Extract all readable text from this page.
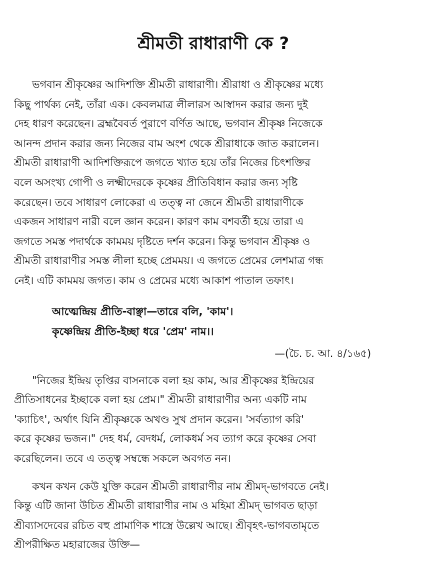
শ্রীমতী রাধারাণী কে ?

ভগবান শ্রীকৃষ্ণের আদিশক্তি শ্রীমতী রাধারাণী। শ্রীরাধা ও শ্রীকৃষ্ণের মধ্যে
কিছু পার্থক্য নেই, তাঁরা এক। কেবলমাত্র লীলারস আস্বাদন করার জন্য দুই
দেহ ধারণ করেছেন। ব্রহ্মবৈবর্ত পুরাণে বর্ণিত আছে, ভগবান শ্রীকৃষ্ণ নিজেকে
আনন্দ প্রদান করার জন্য নিজের বাম অংশ থেকে শ্রীরাধাকে জাত করালেন।
শ্রীমতী রাধারাণী আদিশক্তিরূপে জগতে খ্যাত হয়ে তাঁর নিজের চিৎশক্তির
বলে অসংখ্য গোপী ও লক্ষ্মীদেরকে কৃষ্ণের প্রীতিবিধান করার জন্য সৃষ্টি
করেছেন। তবে সাধারণ লোকেরা এ তত্ত্ব না জেনে শ্রীমতী রাধারাণীকে
একজন সাধারণ নারী বলে জ্ঞান করেন। কারণ কাম বশবর্তী হয়ে তারা এ
জগতে সমস্ত পদার্থকে কামময় দৃষ্টিতে দর্শন করেন। কিন্তু ভগবান শ্রীকৃষ্ণ ও
শ্রীমতী রাধারাণীর সমস্ত লীলা হচ্ছে প্রেমময়। এ জগতে প্রেমের লেশমাত্র গন্ধ
নেই। এটি কামময় জগত। কাম ও প্রেমের মধ্যে আকাশ পাতাল তফাৎ।

আত্মেন্দ্রিয় প্রীতি-বাঞ্ছা—তারে বলি, 'কাম'।
কৃষ্ণেন্দ্রিয় প্রীতি-ইচ্ছা ধরে 'প্রেম' নাম।।
—(চৈ. চ. আ. ৪/১৬৫)

"নিজের ইন্দ্রিয় তৃপ্তির বাসনাকে বলা হয় কাম, আর শ্রীকৃষ্ণের ইন্দ্রিয়ের
প্রীতিসাধনের ইচ্ছাকে বলা হয় প্রেম।" শ্রীমতী রাধারাণীর অন্য একটি নাম
'ক্যাচিৎ', অর্থাৎ যিনি শ্রীকৃষ্ণকে অখণ্ড সুখ প্রদান করেন। 'সর্বত্যাগ করি'
করে কৃষ্ণের ভজন।" দেহ ধর্ম, বেদধর্ম, লোকধর্ম সব ত্যাগ করে কৃষ্ণের সেবা
করেছিলেন। তবে এ তত্ত্ব সম্বন্ধে সকলে অবগত নন।

কখন কখন কেউ যুক্তি করেন শ্রীমতী রাধারাণীর নাম শ্রীমদ্-ভাগবতে নেই।
কিন্তু এটি জানা উচিত শ্রীমতী রাধারাণীর নাম ও মহিমা শ্রীমদ্ ভাগবত ছাড়া
শ্রীব্যাসদেবের রচিত বহু প্রামাণিক শাস্ত্রে উল্লেখ আছে। শ্রীবৃহৎ-ভাগবতামৃতে
শ্রীপরীক্ষিত মহারাজের উক্তি—
